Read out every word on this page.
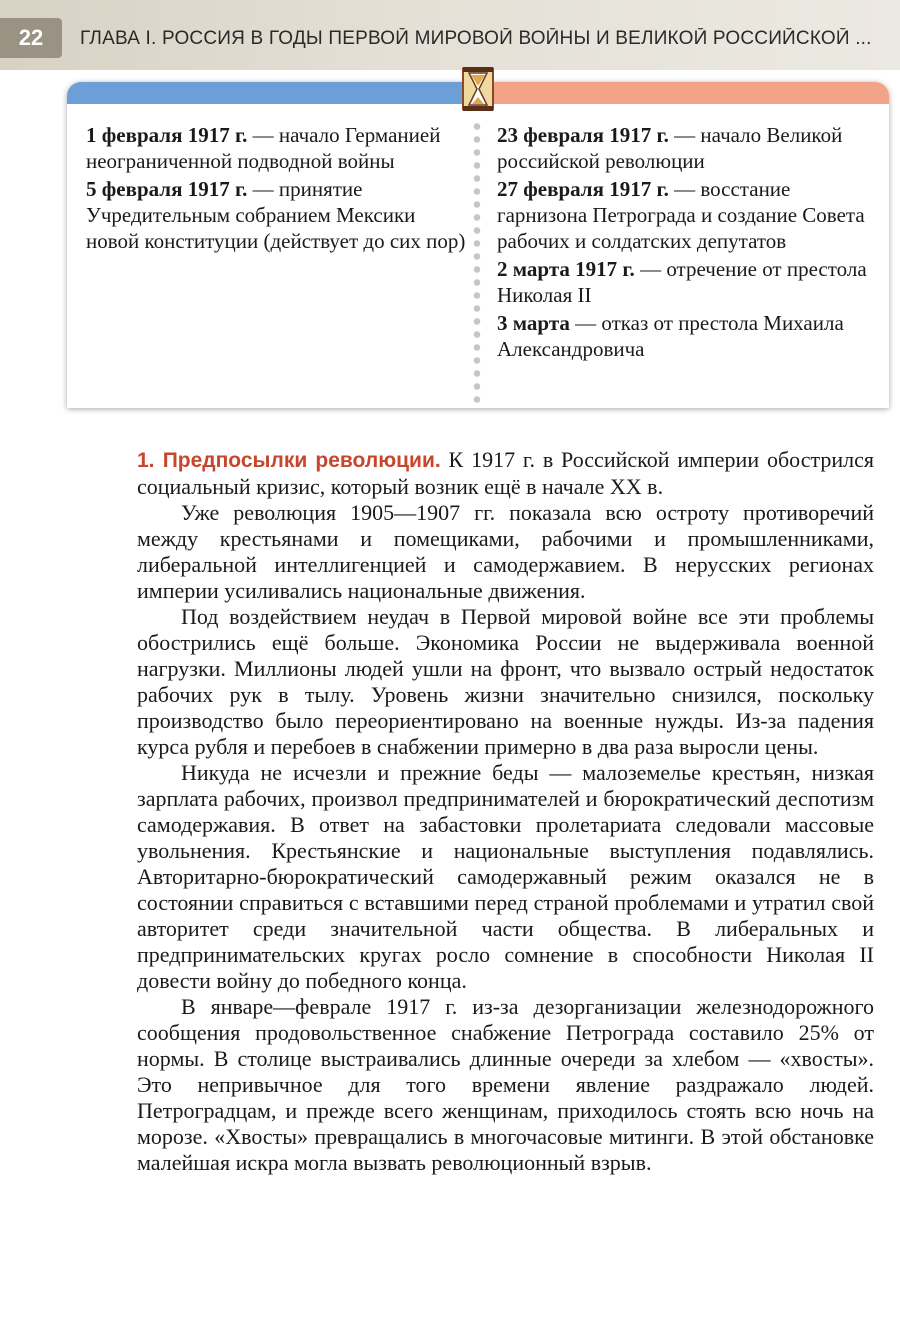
22	ГЛАВА I. РОССИЯ В ГОДЫ ПЕРВОЙ МИРОВОЙ ВОЙНЫ И ВЕЛИКОЙ РОССИЙСКОЙ ...
1 февраля 1917 г. — начало Германией неограниченной подводной войны
5 февраля 1917 г. — принятие Учредительным собранием Мексики новой конституции (действует до сих пор)
23 февраля 1917 г. — начало Великой российской революции
27 февраля 1917 г. — восстание гарнизона Петрограда и создание Совета рабочих и солдатских депутатов
2 марта 1917 г. — отречение от престола Николая II
3 марта — отказ от престола Михаила Александровича

1. Предпосылки революции. К 1917 г. в Российской империи обострился социальный кризис, который возник ещё в начале XX в.

Уже революция 1905—1907 гг. показала всю остроту противоречий между крестьянами и помещиками, рабочими и промышленниками, либеральной интеллигенцией и самодержавием. В нерусских регионах империи усиливались национальные движения.

Под воздействием неудач в Первой мировой войне все эти проблемы обострились ещё больше. Экономика России не выдерживала военной нагрузки. Миллионы людей ушли на фронт, что вызвало острый недостаток рабочих рук в тылу. Уровень жизни значительно снизился, поскольку производство было переориентировано на военные нужды. Из-за падения курса рубля и перебоев в снабжении примерно в два раза выросли цены.

Никуда не исчезли и прежние беды — малоземелье крестьян, низкая зарплата рабочих, произвол предпринимателей и бюрократический деспотизм самодержавия. В ответ на забастовки пролетариата следовали массовые увольнения. Крестьянские и национальные выступления подавлялись. Авторитарно-бюрократический самодержавный режим оказался не в состоянии справиться с вставшими перед страной проблемами и утратил свой авторитет среди значительной части общества. В либеральных и предпринимательских кругах росло сомнение в способности Николая II довести войну до победного конца.

В январе—феврале 1917 г. из-за дезорганизации железнодорожного сообщения продовольственное снабжение Петрограда составило 25% от нормы. В столице выстраивались длинные очереди за хлебом — «хвосты». Это непривычное для того времени явление раздражало людей. Петроградцам, и прежде всего женщинам, приходилось стоять всю ночь на морозе. «Хвосты» превращались в многочасовые митинги. В этой обстановке малейшая искра могла вызвать революционный взрыв.
